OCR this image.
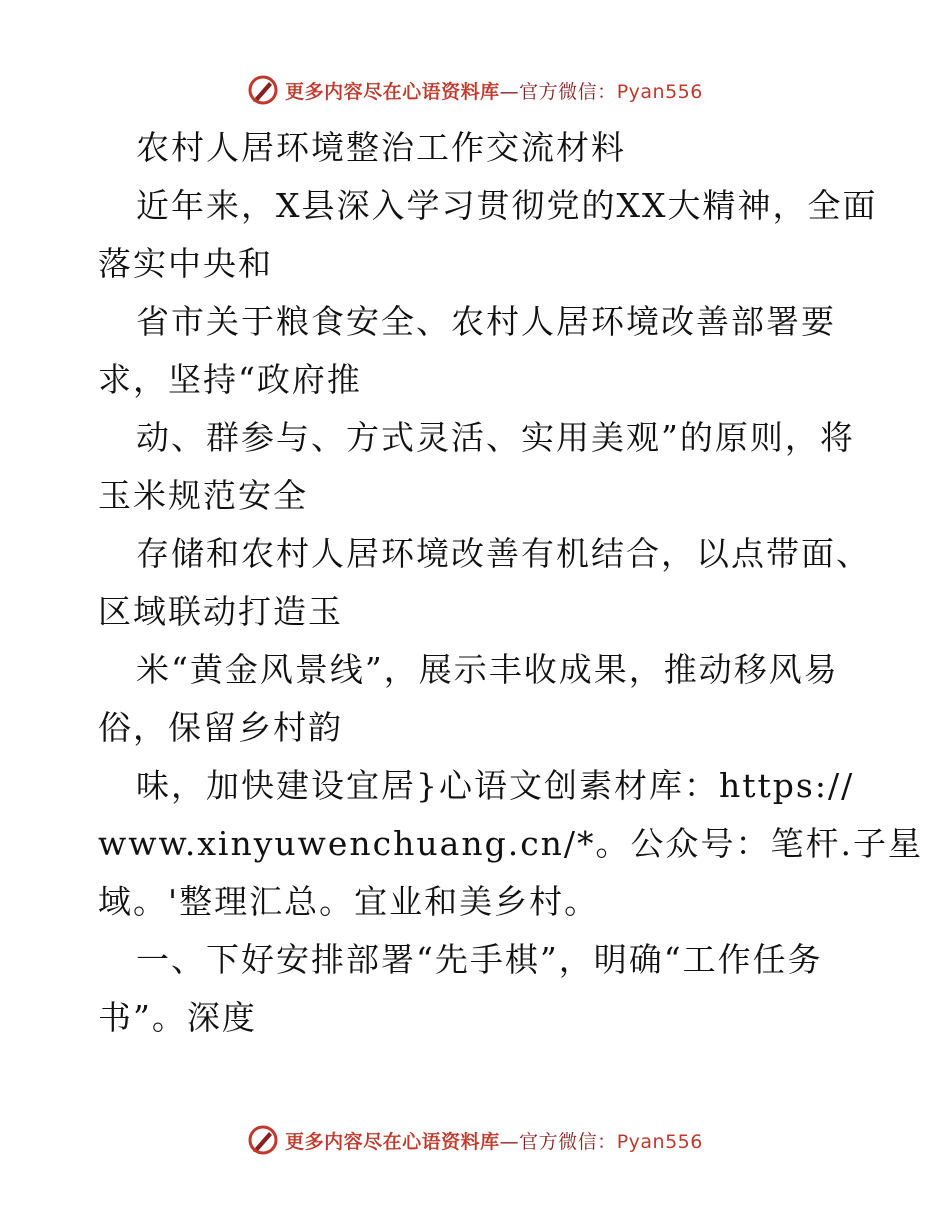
更多内容尽在心语资料库—官方微信：Pyan556
农村人居环境整治工作交流材料
近年来，X县深入学习贯彻党的XX大精神，全面
落实中央和
省市关于粮食安全、农村人居环境改善部署要
求，坚持“政府推
动、群参与、方式灵活、实用美观”的原则，将
玉米规范安全
存储和农村人居环境改善有机结合，以点带面、
区域联动打造玉
米“黄金风景线”，展示丰收成果，推动移风易
俗，保留乡村韵
味，加快建设宜居}心语文创素材库：https://
www.xinyuwenchuang.cn/*。公众号：笔杆.子星
域。'整理汇总。宜业和美乡村。
一、下好安排部署“先手棋”，明确“工作任务
书”。深度
更多内容尽在心语资料库—官方微信：Pyan556
